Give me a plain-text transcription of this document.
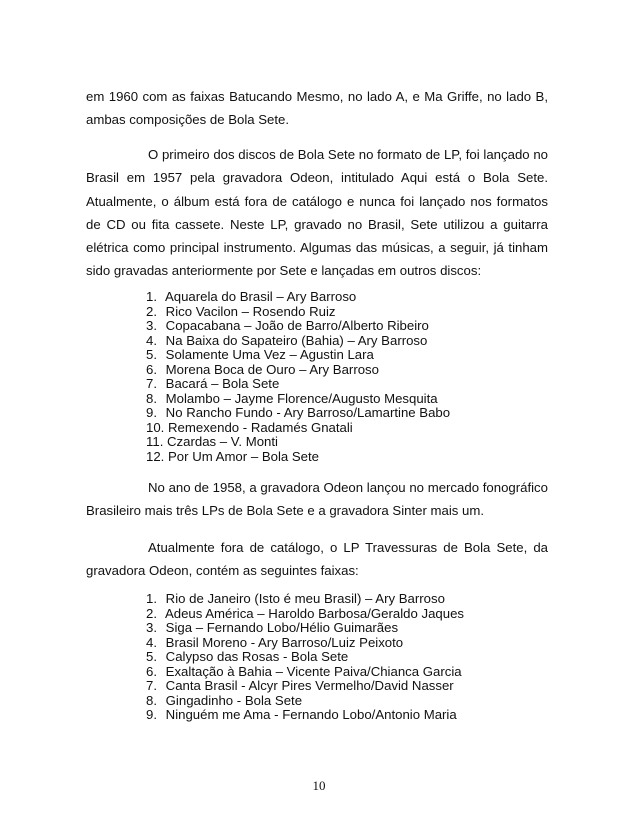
em 1960 com as faixas Batucando Mesmo, no lado A, e Ma Griffe, no lado B, ambas composições de Bola Sete.

O primeiro dos discos de Bola Sete no formato de LP, foi lançado no Brasil em 1957 pela gravadora Odeon, intitulado Aqui está o Bola Sete. Atualmente, o álbum está fora de catálogo e nunca foi lançado nos formatos de CD ou fita cassete. Neste LP, gravado no Brasil, Sete utilizou a guitarra elétrica como principal instrumento. Algumas das músicas, a seguir, já tinham sido gravadas anteriormente por Sete e lançadas em outros discos:

1. Aquarela do Brasil – Ary Barroso
2. Rico Vacilon – Rosendo Ruiz
3. Copacabana – João de Barro/Alberto Ribeiro
4. Na Baixa do Sapateiro (Bahia) – Ary Barroso
5. Solamente Uma Vez – Agustin Lara
6. Morena Boca de Ouro – Ary Barroso
7. Bacará – Bola Sete
8. Molambo – Jayme Florence/Augusto Mesquita
9. No Rancho Fundo - Ary Barroso/Lamartine Babo
10. Remexendo - Radamés Gnatali
11. Czardas – V. Monti
12. Por Um Amor – Bola Sete

No ano de 1958, a gravadora Odeon lançou no mercado fonográfico Brasileiro mais três LPs de Bola Sete e a gravadora Sinter mais um.

Atualmente fora de catálogo, o LP Travessuras de Bola Sete, da gravadora Odeon, contém as seguintes faixas:

1. Rio de Janeiro (Isto é meu Brasil) – Ary Barroso
2. Adeus América – Haroldo Barbosa/Geraldo Jaques
3. Siga – Fernando Lobo/Hélio Guimarães
4. Brasil Moreno - Ary Barroso/Luiz Peixoto
5. Calypso das Rosas - Bola Sete
6. Exaltação à Bahia – Vicente Paiva/Chianca Garcia
7. Canta Brasil - Alcyr Pires Vermelho/David Nasser
8. Gingadinho - Bola Sete
9. Ninguém me Ama - Fernando Lobo/Antonio Maria
10
